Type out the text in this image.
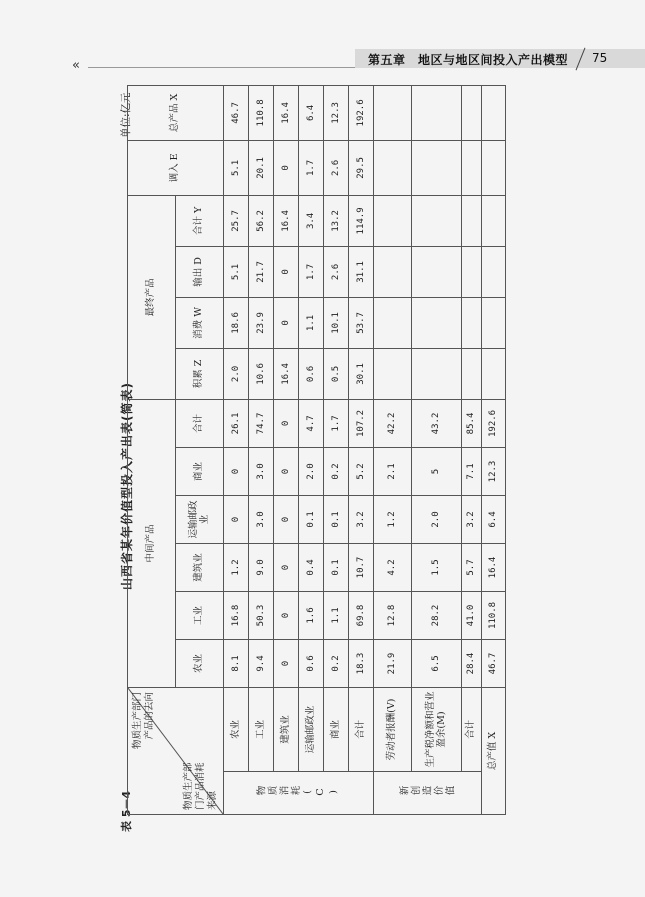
第五章　地区与地区间投入产出模型 75
«
表 5－4
山西省某年价值型投入产出表(简表)
单位:亿元
物质生产部门 产品的去向
物质生产部 门产品消耗 来源		中间产品						最终产品				调入 E	总产品 X
		农业	工业	建筑业	运输邮政业	商业	合计	积累 Z	消费 W	输出 D	合计 Y		
物质消耗(C)	农业	8.1	16.8	1.2	0	0	26.1	2.0	18.6	5.1	25.7	5.1	46.7
	工业	9.4	50.3	9.0	3.0	3.0	74.7	10.6	23.9	21.7	56.2	20.1	110.8
	建筑业	0	0	0	0	0	0	16.4	0	0	16.4	0	16.4
	运输邮政业	0.6	1.6	0.4	0.1	2.0	4.7	0.6	1.1	1.7	3.4	1.7	6.4
	商业	0.2	1.1	0.1	0.1	0.2	1.7	0.5	10.1	2.6	13.2	2.6	12.3
	合计	18.3	69.8	10.7	3.2	5.2	107.2	30.1	53.7	31.1	114.9	29.5	192.6
新创造价值	劳动者报酬(V)	21.9	12.8	4.2	1.2	2.1	42.2						
	生产税净额和营业盈余(M)	6.5	28.2	1.5	2.0	5	43.2						
	合计	28.4	41.0	5.7	3.2	7.1	85.4						
总产值 X		46.7	110.8	16.4	6.4	12.3	192.6						
